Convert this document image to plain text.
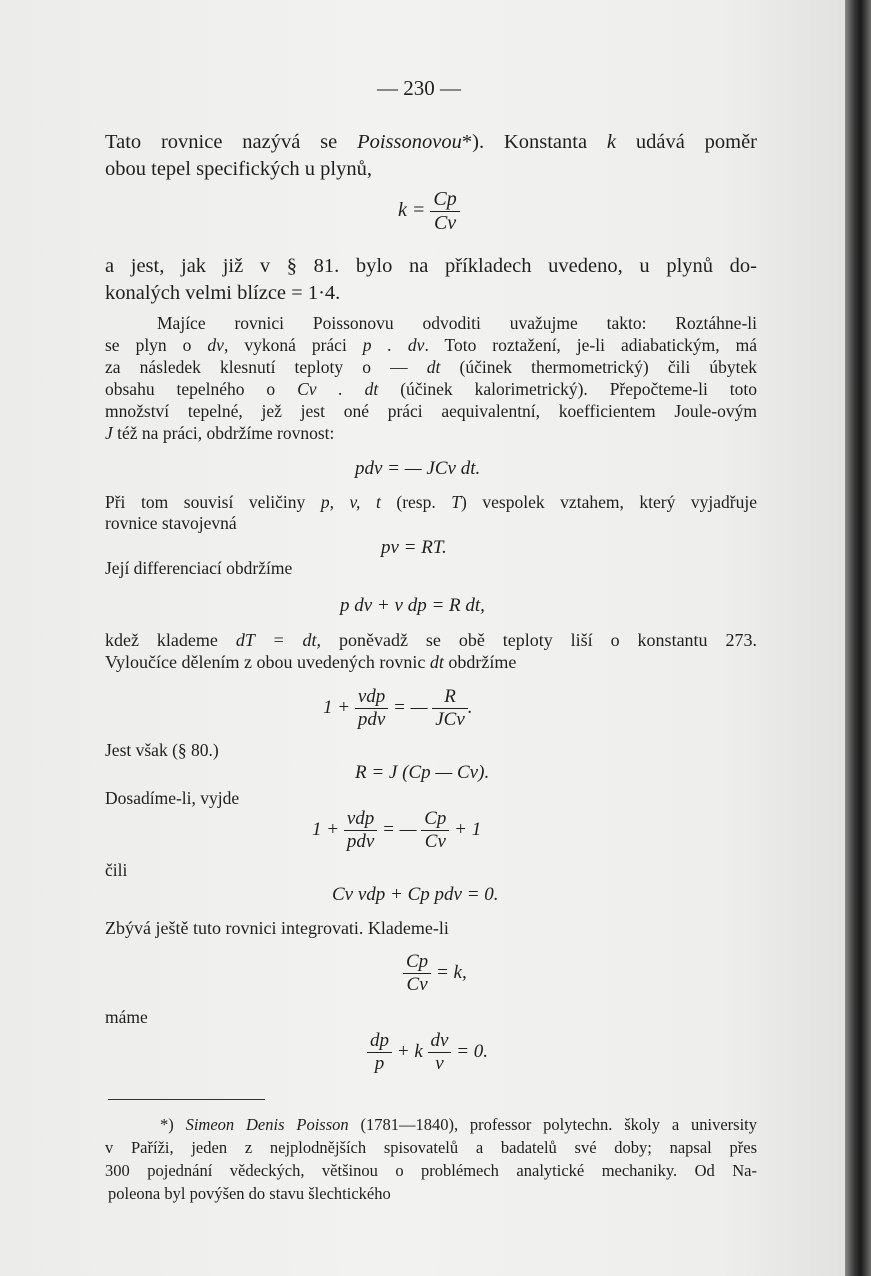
— 230 —
Tato rovnice nazývá se Poissonovou*). Konstanta k udává poměr
obou tepel specifických u plynů,
$k = \frac{Cp}{Cv}$
a jest, jak již v § 81. bylo na příkladech uvedeno, u plynů do-
konalých velmi blízce = 1·4.
Majíce rovnici Poissonovu odvoditi uvažujme takto: Roztáhne-li
se plyn o dv, vykoná práci p . dv. Toto roztažení, je-li adiabatickým, má
za následek klesnutí teploty o — dt (účinek thermometrický) čili úbytek
obsahu tepelného o Cv . dt (účinek kalorimetrický). Přepočteme-li toto
množství tepelné, jež jest oné práci aequivalentní, koefficientem Joule-ovým
J též na práci, obdržíme rovnost:
pdv = — JCv dt.
Při tom souvisí veličiny p, v, t (resp. T) vespolek vztahem, který vyjadřuje
rovnice stavojevná
pv = RT.
Její differenciací obdržíme
p dv + v dp = R dt,
kdež klademe dT = dt, poněvadž se obě teploty liší o konstantu 273.
Vyloučíce dělením z obou uvedených rovnic dt obdržíme
$1 + \frac{\text{vdp}}{\text{pdv}}$ = — $\frac{R}{\text{JCv}}$ .
Jest však (§ 80.)
R = J (Cp — Cv).
Dosadíme-li, vyjde
$1 + \frac{\text{vdp}}{\text{pdv}}$ = — $\frac{Cp}{Cv} + 1$
čili
Cv vdp + Cp pdv = 0.
Zbývá ještě tuto rovnici integrovati. Klademe-li
$\frac{Cp}{Cv} = k$,
máme
$\frac{dp}{p} + k \frac{dv}{v} = 0$.
*) Simeon Denis Poisson (1781—1840), professor polytechn. školy a university
v Paříži, jeden z nejplodnějších spisovatelů a badatelů své doby; napsal přes
300 pojednání vědeckých, většinou o problémech analytické mechaniky. Od Na-
poleona byl povýšen do stavu šlechtického
